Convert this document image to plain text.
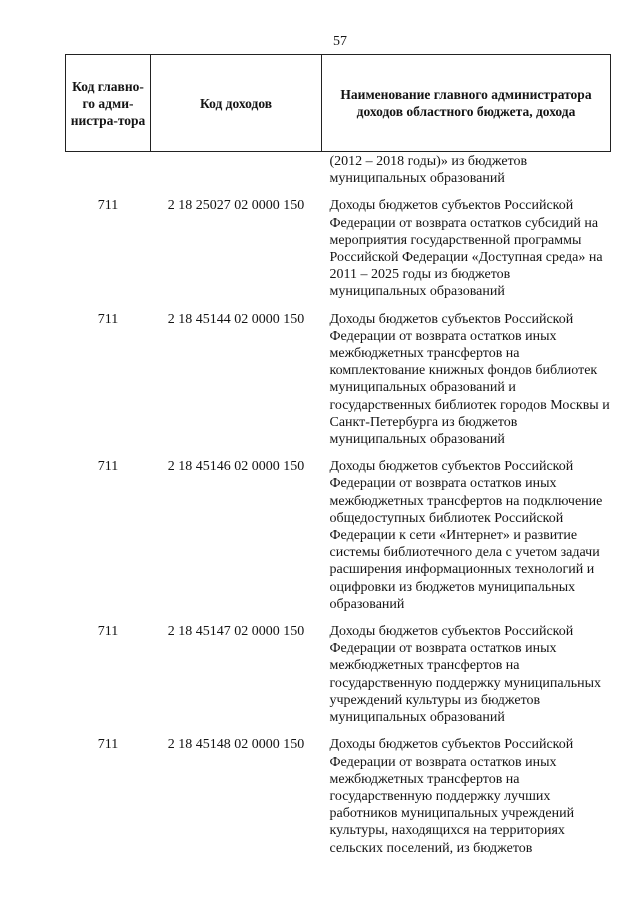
57
Код главно-го адми-нистра-тора	Код доходов	Наименование главного администратора доходов областного бюджета, дохода
		(2012 – 2018 годы)» из бюджетов муниципальных образований
711	2 18 25027 02 0000 150	Доходы бюджетов субъектов Российской Федерации от возврата остатков субсидий на мероприятия государственной программы Российской Федерации «Доступная среда» на 2011 – 2025 годы из бюджетов муниципальных образований
711	2 18 45144 02 0000 150	Доходы бюджетов субъектов Российской Федерации от возврата остатков иных межбюджетных трансфертов на комплектование книжных фондов библиотек муниципальных образований и государственных библиотек городов Москвы и Санкт-Петербурга из бюджетов муниципальных образований
711	2 18 45146 02 0000 150	Доходы бюджетов субъектов Российской Федерации от возврата остатков иных межбюджетных трансфертов на подключение общедоступных библиотек Российской Федерации к сети «Интернет» и развитие системы библиотечного дела с учетом задачи расширения информационных технологий и оцифровки из бюджетов муниципальных образований
711	2 18 45147 02 0000 150	Доходы бюджетов субъектов Российской Федерации от возврата остатков иных межбюджетных трансфертов на государственную поддержку муниципальных учреждений культуры из бюджетов муниципальных образований
711	2 18 45148 02 0000 150	Доходы бюджетов субъектов Российской Федерации от возврата остатков иных межбюджетных трансфертов на государственную поддержку лучших работников муниципальных учреждений культуры, находящихся на территориях сельских поселений, из бюджетов
